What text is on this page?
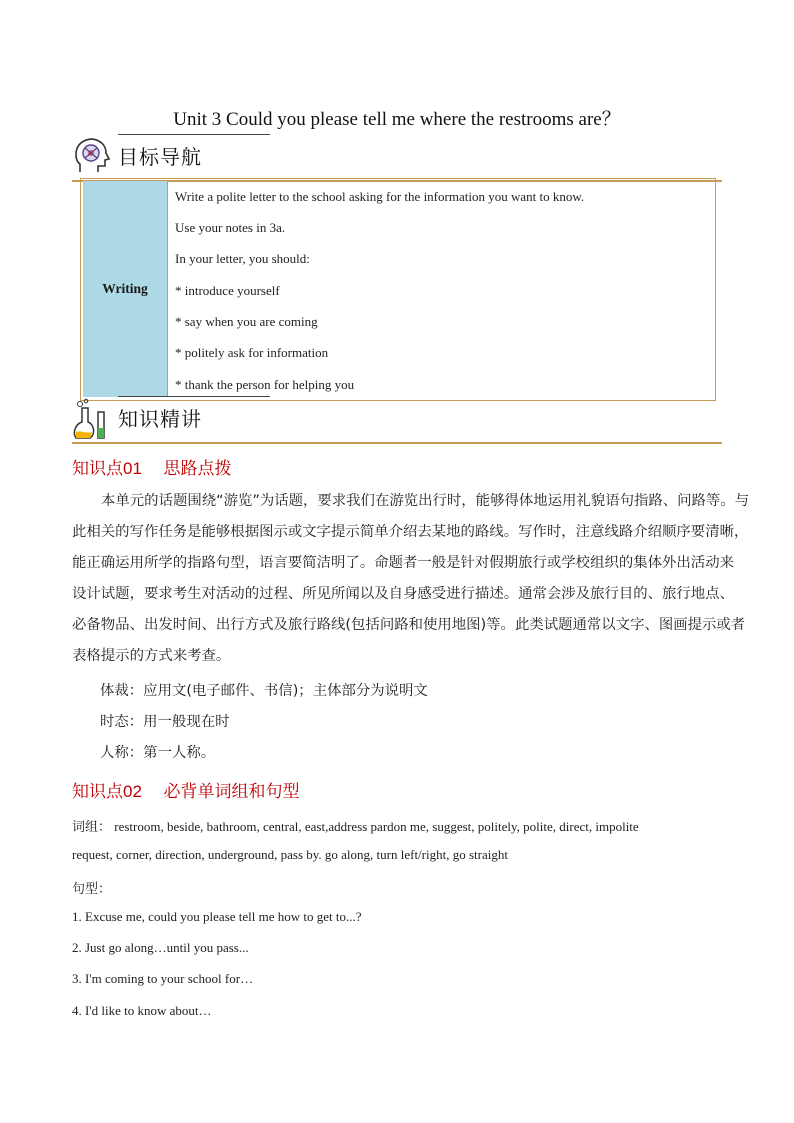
Unit 3 Could you please tell me where the restrooms are？
目标导航
Writing
Write a polite letter to the school asking for the information you want to know.
Use your notes in 3a.
In your letter, you should:
* introduce yourself
* say when you are coming
* politely ask for information
* thank the person for helping you
知识精讲
知识点01 思路点拨
本单元的话题围绕“游览”为话题，要求我们在游览出行时，能够得体地运用礼貌语句指路、问路等。与
此相关的写作任务是能够根据图示或文字提示简单介绍去某地的路线。写作时，注意线路介绍顺序要清晰，
能正确运用所学的指路句型，语言要简洁明了。命题者一般是针对假期旅行或学校组织的集体外出活动来
设计试题，要求考生对活动的过程、所见所闻以及自身感受进行描述。通常会涉及旅行目的、旅行地点、
必备物品、出发时间、出行方式及旅行路线(包括问路和使用地图)等。此类试题通常以文字、图画提示或者
表格提示的方式来考查。
体裁：应用文(电子邮件、书信)；主体部分为说明文
时态：用一般现在时
人称：第一人称。
知识点02 必背单词组和句型
词组： restroom, beside, bathroom, central, east,address pardon me, suggest, politely, polite, direct, impolite
request, corner, direction, underground, pass by. go along, turn left/right, go straight
句型：
1. Excuse me, could you please tell me how to get to...?
2. Just go along…until you pass...
3. I'm coming to your school for…
4. I'd like to know about…
